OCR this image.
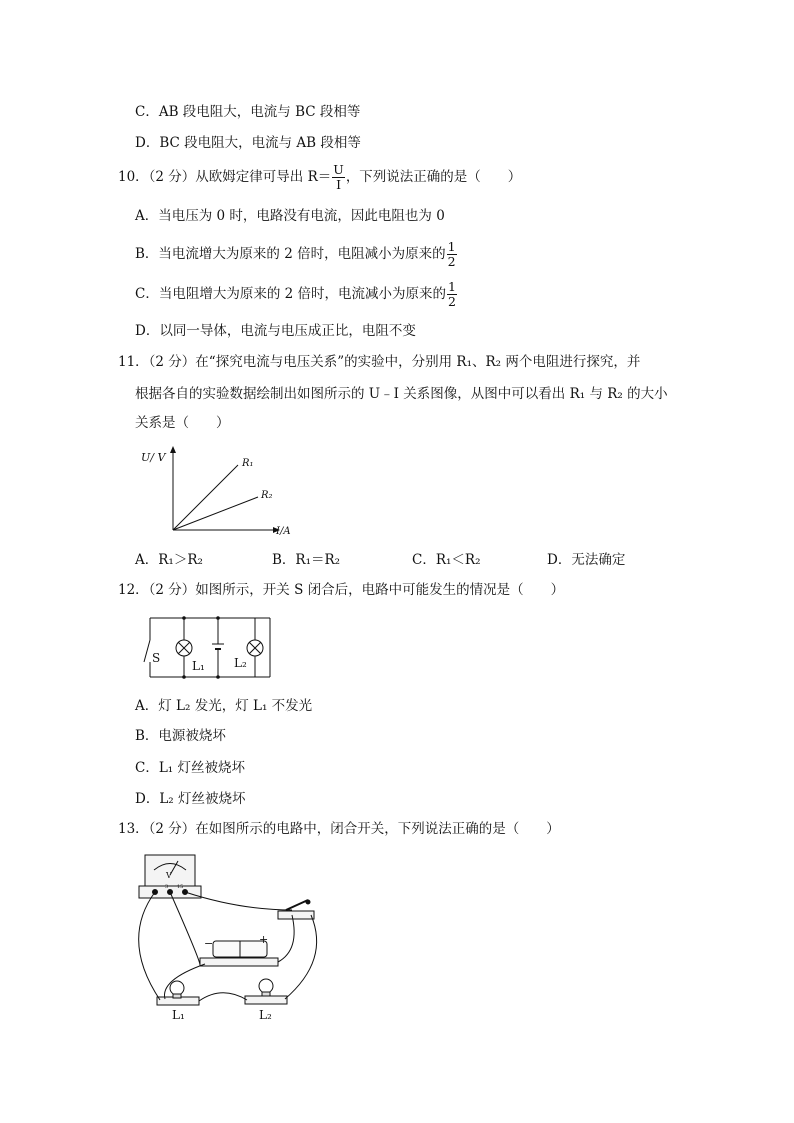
C．AB 段电阻大，电流与 BC 段相等
D．BC 段电阻大，电流与 AB 段相等
10．（2 分）从欧姆定律可导出 $R= \frac{U}{I}$ ，下列说法正确的是（　　）
A．当电压为 0 时，电路没有电流，因此电阻也为 0
B．当电流增大为原来的 2 倍时，电阻减小为原来的 $\frac{1}{2}$
C．当电阻增大为原来的 2 倍时，电流减小为原来的 $\frac{1}{2}$
D．以同一导体，电流与电压成正比，电阻不变
11．（2 分）在“探究电流与电压关系”的实验中，分别用 R₁、R₂ 两个电阻进行探究，并
根据各自的实验数据绘制出如图所示的 U﹣I 关系图像，从图中可以看出 R₁ 与 R₂ 的大小
关系是（　　）
U/ V
I/A
R₁
R₂
A．R₁＞R₂	B．R₁＝R₂	C．R₁＜R₂	D．无法确定
12．（2 分）如图所示，开关 S 闭合后，电路中可能发生的情况是（　　）
S
L₁ L₂
A．灯 L₂ 发光，灯 L₁ 不发光
B．电源被烧坏
C．L₁ 灯丝被烧坏
D．L₂ 灯丝被烧坏
13．（2 分）在如图所示的电路中，闭合开关，下列说法正确的是（　　）
V
3 15
−	+
L₁	L₂
